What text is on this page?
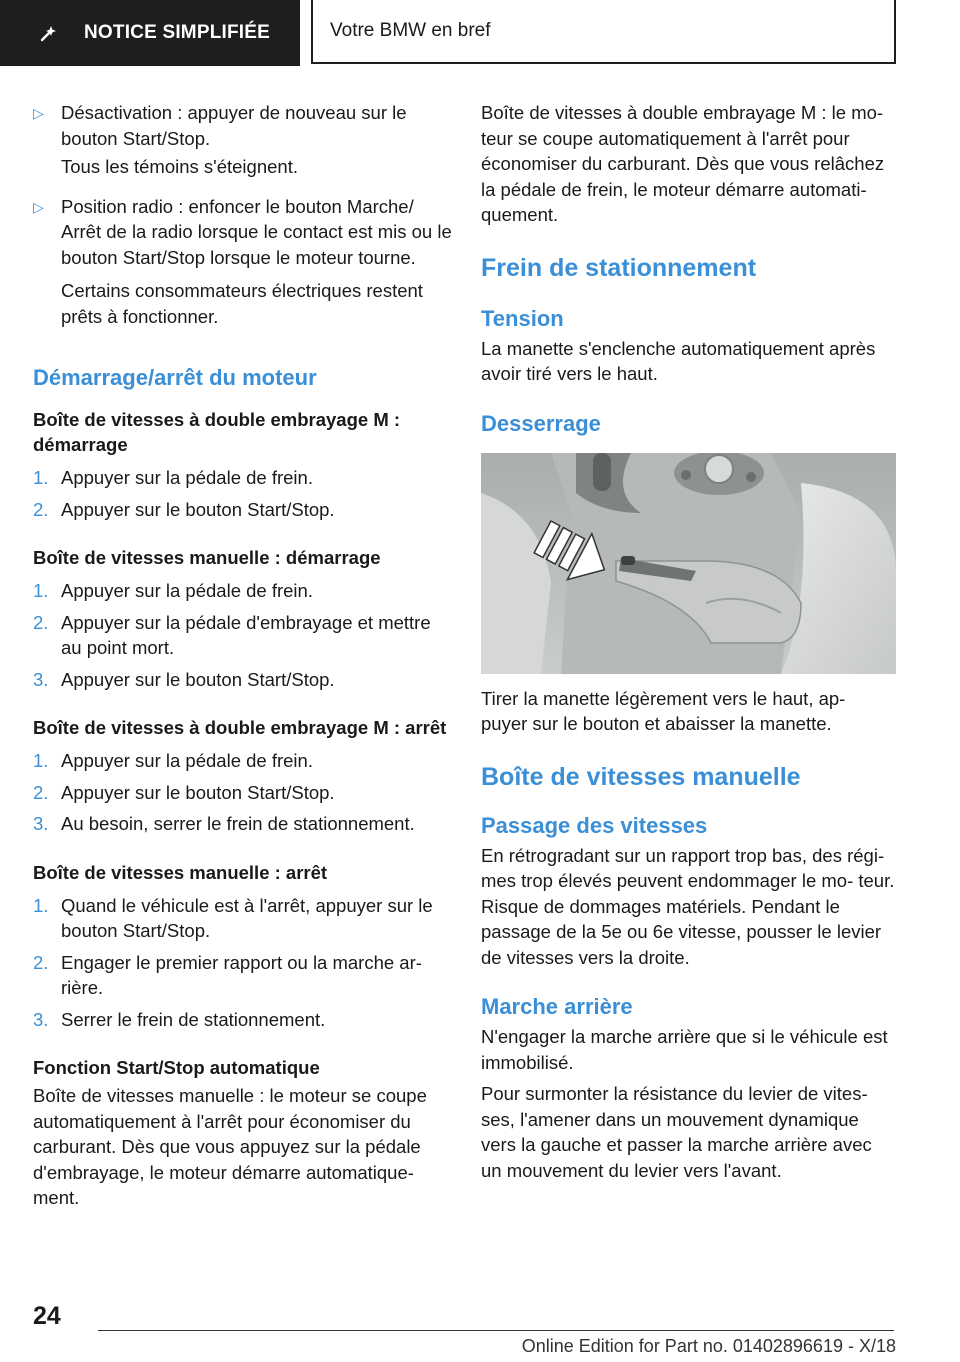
NOTICE SIMPLIFIÉE	Votre BMW en bref

▷ Désactivation : appuyer de nouveau sur le bouton Start/Stop.

Tous les témoins s'éteignent.

▷ Position radio : enfoncer le bouton Marche/ Arrêt de la radio lorsque le contact est mis ou le bouton Start/Stop lorsque le moteur tourne.

Certains consommateurs électriques restent prêts à fonctionner.

Démarrage/arrêt du moteur
Boîte de vitesses à double embrayage M : démarrage

1. Appuyer sur la pédale de frein.

2. Appuyer sur le bouton Start/Stop.

Boîte de vitesses manuelle : démarrage

1. Appuyer sur la pédale de frein.

2. Appuyer sur la pédale d'embrayage et mettre au point mort.

3. Appuyer sur le bouton Start/Stop.

Boîte de vitesses à double embrayage M : arrêt

1. Appuyer sur la pédale de frein.

2. Appuyer sur le bouton Start/Stop.

3. Au besoin, serrer le frein de stationnement.

Boîte de vitesses manuelle : arrêt

1. Quand le véhicule est à l'arrêt, appuyer sur le bouton Start/Stop.

2. Engager le premier rapport ou la marche ar- rière.

3. Serrer le frein de stationnement.

Fonction Start/Stop automatique

Boîte de vitesses manuelle : le moteur se coupe automatiquement à l'arrêt pour économiser du carburant. Dès que vous appuyez sur la pédale d'embrayage, le moteur démarre automatique- ment.

Boîte de vitesses à double embrayage M : le mo- teur se coupe automatiquement à l'arrêt pour économiser du carburant. Dès que vous relâchez la pédale de frein, le moteur démarre automati- quement.

Frein de stationnement
Tension

La manette s'enclenche automatiquement après avoir tiré vers le haut.

Desserrage

Tirer la manette légèrement vers le haut, ap- puyer sur le bouton et abaisser la manette.

Boîte de vitesses manuelle
Passage des vitesses

En rétrogradant sur un rapport trop bas, des régi- mes trop élevés peuvent endommager le mo- teur. Risque de dommages matériels. Pendant le passage de la 5e ou 6e vitesse, pousser le levier de vitesses vers la droite.

Marche arrière

N'engager la marche arrière que si le véhicule est immobilisé.

Pour surmonter la résistance du levier de vites- ses, l'amener dans un mouvement dynamique vers la gauche et passer la marche arrière avec un mouvement du levier vers l'avant.

24
Online Edition for Part no. 01402896619 - X/18
